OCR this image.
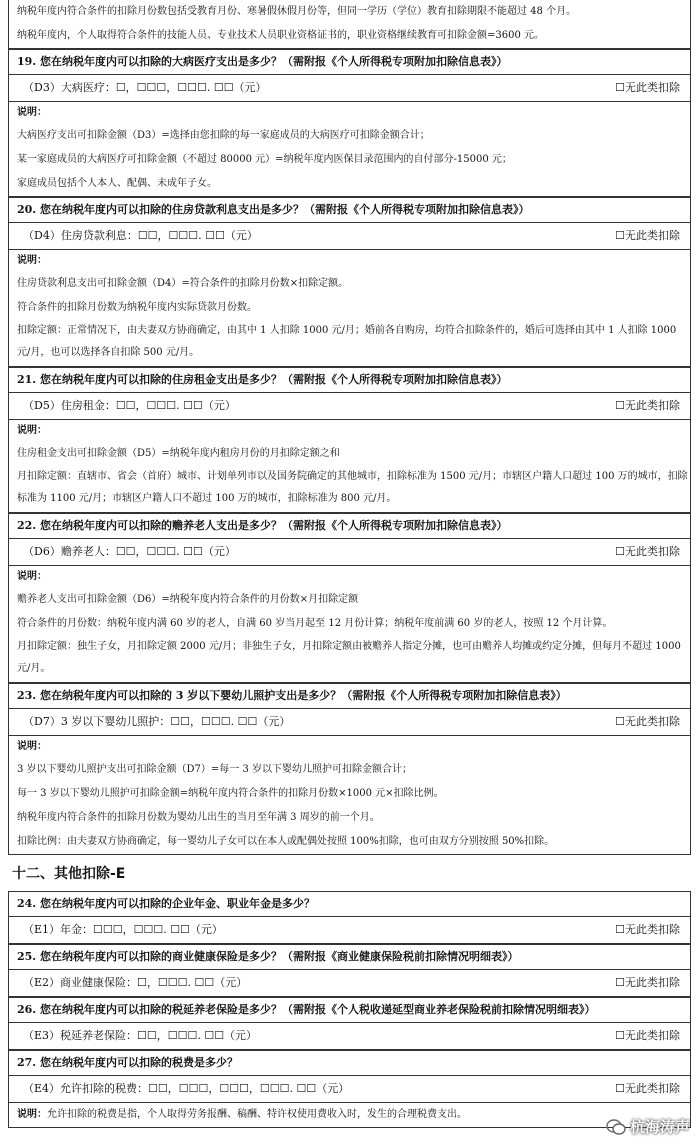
纳税年度内符合条件的扣除月份数包括受教育月份、寒暑假休假月份等，但同一学历（学位）教育扣除期限不能超过 48 个月。
纳税年度内，个人取得符合条件的技能人员、专业技术人员职业资格证书的，职业资格继续教育可扣除金额=3600 元。
19. 您在纳税年度内可以扣除的大病医疗支出是多少？（需附报《个人所得税专项附加扣除信息表》）
（D3）大病医疗：☐，☐☐☐，☐☐☐. ☐☐（元）	☐无此类扣除
说明：
大病医疗支出可扣除金额（D3）=选择由您扣除的每一家庭成员的大病医疗可扣除金额合计；
某一家庭成员的大病医疗可扣除金额（不超过 80000 元）=纳税年度内医保目录范围内的自付部分-15000 元；
家庭成员包括个人本人、配偶、未成年子女。
20. 您在纳税年度内可以扣除的住房贷款利息支出是多少？（需附报《个人所得税专项附加扣除信息表》）
（D4）住房贷款利息：☐☐，☐☐☐. ☐☐（元）	☐无此类扣除
说明：
住房贷款利息支出可扣除金额（D4）=符合条件的扣除月份数×扣除定额。
符合条件的扣除月份数为纳税年度内实际贷款月份数。
扣除定额：正常情况下，由夫妻双方协商确定，由其中 1 人扣除 1000 元/月；婚前各自购房，均符合扣除条件的，婚后可选择由其中 1 人扣除 1000 元/月，也可以选择各自扣除 500 元/月。
21. 您在纳税年度内可以扣除的住房租金支出是多少？（需附报《个人所得税专项附加扣除信息表》）
（D5）住房租金：☐☐，☐☐☐. ☐☐（元）	☐无此类扣除
说明：
住房租金支出可扣除金额（D5）=纳税年度内租房月份的月扣除定额之和
月扣除定额：直辖市、省会（首府）城市、计划单列市以及国务院确定的其他城市，扣除标准为 1500 元/月；市辖区户籍人口超过 100 万的城市，扣除标准为 1100 元/月；市辖区户籍人口不超过 100 万的城市，扣除标准为 800 元/月。
22. 您在纳税年度内可以扣除的赡养老人支出是多少？（需附报《个人所得税专项附加扣除信息表》）
（D6）赡养老人：☐☐，☐☐☐. ☐☐（元）	☐无此类扣除
说明：
赡养老人支出可扣除金额（D6）=纳税年度内符合条件的月份数×月扣除定额
符合条件的月份数：纳税年度内满 60 岁的老人，自满 60 岁当月起至 12 月份计算；纳税年度前满 60 岁的老人，按照 12 个月计算。
月扣除定额：独生子女，月扣除定额 2000 元/月；非独生子女，月扣除定额由被赡养人指定分摊，也可由赡养人均摊或约定分摊，但每月不超过 1000 元/月。
23. 您在纳税年度内可以扣除的 3 岁以下婴幼儿照护支出是多少？（需附报《个人所得税专项附加扣除信息表》）
（D7）3 岁以下婴幼儿照护：☐☐，☐☐☐. ☐☐（元）	☐无此类扣除
说明：
3 岁以下婴幼儿照护支出可扣除金额（D7）=每一 3 岁以下婴幼儿照护可扣除金额合计；
每一 3 岁以下婴幼儿照护可扣除金额=纳税年度内符合条件的扣除月份数×1000 元×扣除比例。
纳税年度内符合条件的扣除月份数为婴幼儿出生的当月至年满 3 周岁的前一个月。
扣除比例：由夫妻双方协商确定，每一婴幼儿子女可以在本人或配偶处按照 100%扣除，也可由双方分别按照 50%扣除。
十二、其他扣除-E
24. 您在纳税年度内可以扣除的企业年金、职业年金是多少？
（E1）年金：☐☐☐，☐☐☐. ☐☐（元）	☐无此类扣除
25. 您在纳税年度内可以扣除的商业健康保险是多少？（需附报《商业健康保险税前扣除情况明细表》）
（E2）商业健康保险：☐，☐☐☐. ☐☐（元）	☐无此类扣除
26. 您在纳税年度内可以扣除的税延养老保险是多少？（需附报《个人税收递延型商业养老保险税前扣除情况明细表》）
（E3）税延养老保险：☐☐，☐☐☐. ☐☐（元）	☐无此类扣除
27. 您在纳税年度内可以扣除的税费是多少？
（E4）允许扣除的税费：☐☐，☐☐☐，☐☐☐，☐☐☐. ☐☐（元）	☐无此类扣除
说明：允许扣除的税费是指，个人取得劳务报酬、稿酬、特许权使用费收入时，发生的合理税费支出。
杭海涛声
